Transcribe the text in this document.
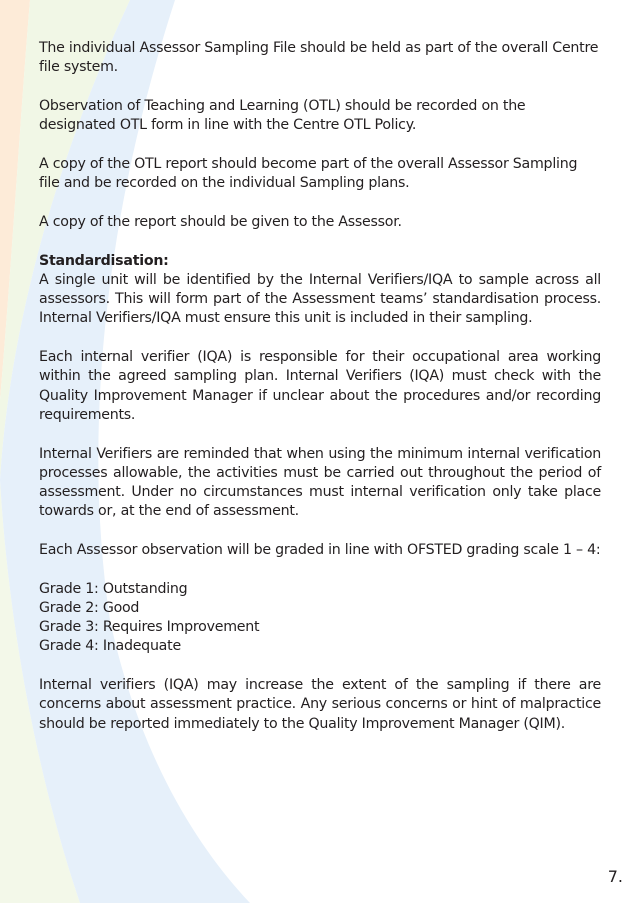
The individual Assessor Sampling File should be held as part of the overall Centre file system.

Observation of Teaching and Learning (OTL) should be recorded on the designated OTL form in line with the Centre OTL Policy.

A copy of the OTL report should become part of the overall Assessor Sampling file and be recorded on the individual Sampling plans.

A copy of the report should be given to the Assessor.

Standardisation:
A single unit will be identified by the Internal Verifiers/IQA to sample across all assessors. This will form part of the Assessment teams’ standardisation process. Internal Verifiers/IQA must ensure this unit is included in their sampling.

Each internal verifier (IQA) is responsible for their occupational area working within the agreed sampling plan. Internal Verifiers (IQA) must check with the Quality Improvement Manager if unclear about the procedures and/or recording requirements.

Internal Verifiers are reminded that when using the minimum internal verification processes allowable, the activities must be carried out throughout the period of assessment. Under no circumstances must internal verification only take place towards or, at the end of assessment.

Each Assessor observation will be graded in line with OFSTED grading scale 1 – 4:

Grade 1: Outstanding
Grade 2: Good
Grade 3: Requires Improvement
Grade 4: Inadequate

Internal verifiers (IQA) may increase the extent of the sampling if there are concerns about assessment practice. Any serious concerns or hint of malpractice should be reported immediately to the Quality Improvement Manager (QIM).

7.
